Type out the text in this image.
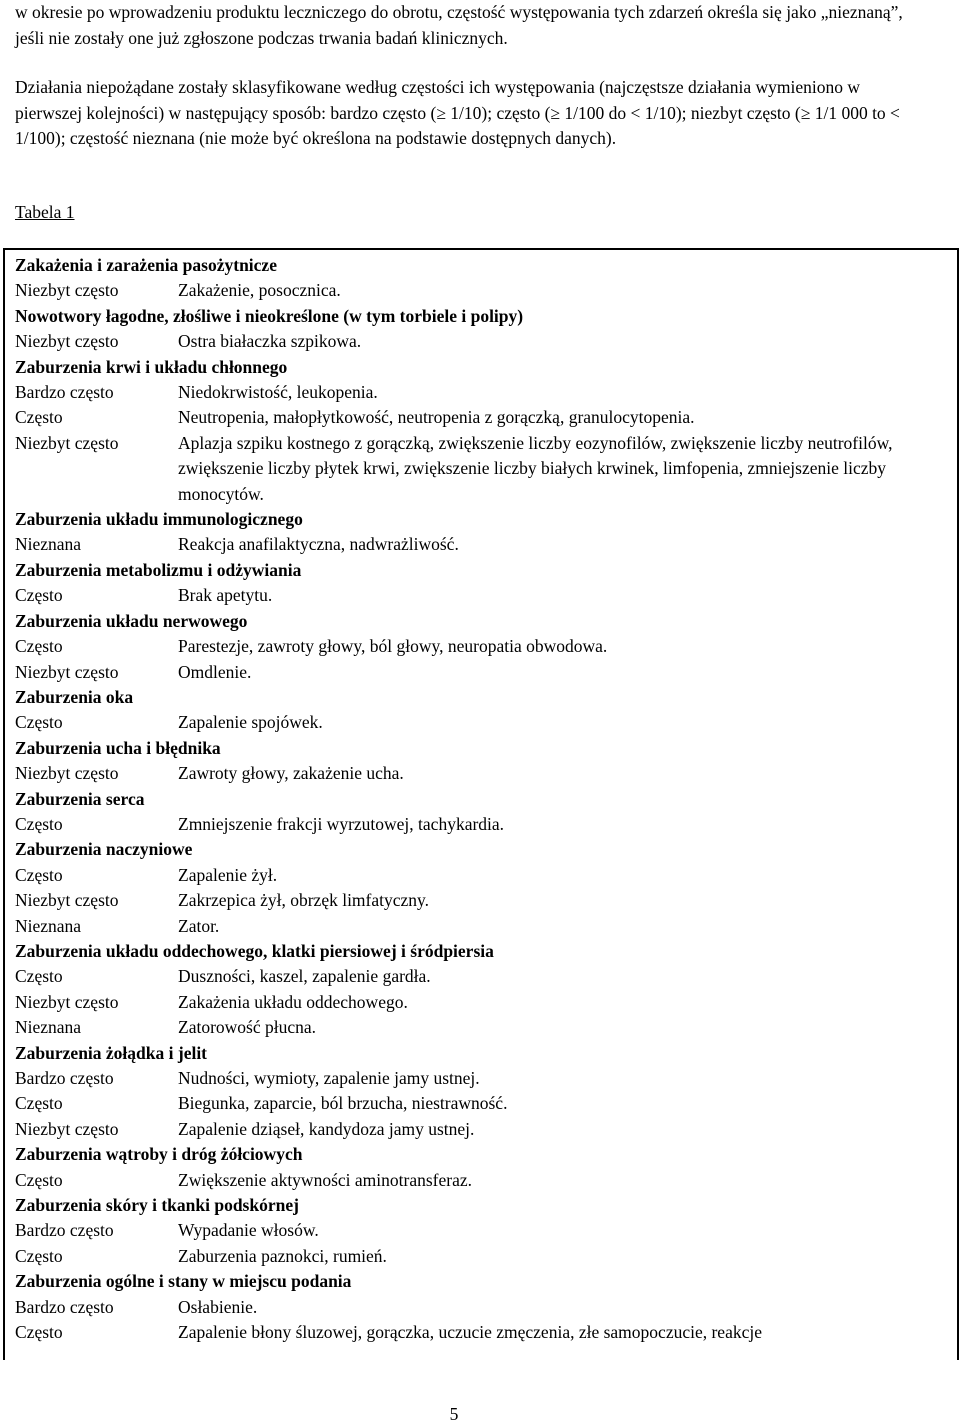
w okresie po wprowadzeniu produktu leczniczego do obrotu, częstość występowania tych zdarzeń określa się jako „nieznaną”, jeśli nie zostały one już zgłoszone podczas trwania badań klinicznych.

Działania niepożądane zostały sklasyfikowane według częstości ich występowania (najczęstsze działania wymieniono w pierwszej kolejności) w następujący sposób: bardzo często (≥ 1/10); często (≥ 1/100 do < 1/10); niezbyt często (≥ 1/1 000 to < 1/100); częstość nieznana (nie może być określona na podstawie dostępnych danych).

Tabela 1
Zakażenia i zarażenia pasożytnicze
Niezbyt często	Zakażenie, posocznica.
Nowotwory łagodne, złośliwe i nieokreślone (w tym torbiele i polipy)
Niezbyt często	Ostra białaczka szpikowa.
Zaburzenia krwi i układu chłonnego
Bardzo często	Niedokrwistość, leukopenia.
Często	Neutropenia, małopłytkowość, neutropenia z gorączką, granulocytopenia.
Niezbyt często	Aplazja szpiku kostnego z gorączką, zwiększenie liczby eozynofilów, zwiększenie liczby neutrofilów, zwiększenie liczby płytek krwi, zwiększenie liczby białych krwinek, limfopenia, zmniejszenie liczby monocytów.
Zaburzenia układu immunologicznego
Nieznana	Reakcja anafilaktyczna, nadwrażliwość.
Zaburzenia metabolizmu i odżywiania
Często	Brak apetytu.
Zaburzenia układu nerwowego
Często	Parestezje, zawroty głowy, ból głowy, neuropatia obwodowa.
Niezbyt często	Omdlenie.
Zaburzenia oka
Często	Zapalenie spojówek.
Zaburzenia ucha i błędnika
Niezbyt często	Zawroty głowy, zakażenie ucha.
Zaburzenia serca
Często	Zmniejszenie frakcji wyrzutowej, tachykardia.
Zaburzenia naczyniowe
Często	Zapalenie żył.
Niezbyt często	Zakrzepica żył, obrzęk limfatyczny.
Nieznana	Zator.
Zaburzenia układu oddechowego, klatki piersiowej i śródpiersia
Często	Duszności, kaszel, zapalenie gardła.
Niezbyt często	Zakażenia układu oddechowego.
Nieznana	Zatorowość płucna.
Zaburzenia żołądka i jelit
Bardzo często	Nudności, wymioty, zapalenie jamy ustnej.
Często	Biegunka, zaparcie, ból brzucha, niestrawność.
Niezbyt często	Zapalenie dziąseł, kandydoza jamy ustnej.
Zaburzenia wątroby i dróg żółciowych
Często	Zwiększenie aktywności aminotransferaz.
Zaburzenia skóry i tkanki podskórnej
Bardzo często	Wypadanie włosów.
Często	Zaburzenia paznokci, rumień.
Zaburzenia ogólne i stany w miejscu podania
Bardzo często	Osłabienie.
Często	Zapalenie błony śluzowej, gorączka, uczucie zmęczenia, złe samopoczucie, reakcje
5
